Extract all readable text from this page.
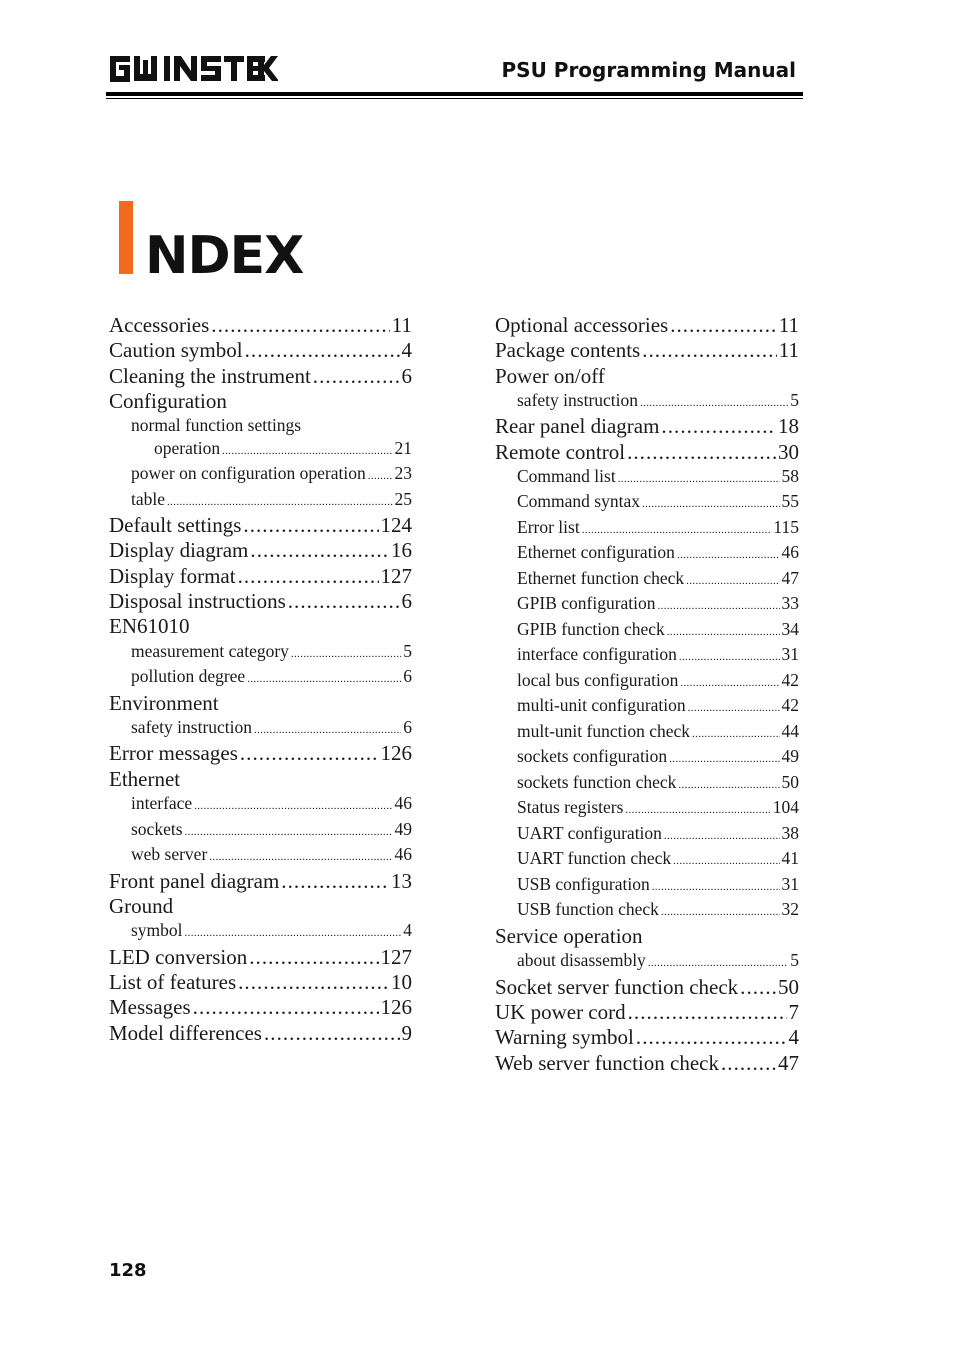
PSU Programming Manual
NDEX
Accessories . . .	11
Caution symbol . . .	4
Cleaning the instrument . . .	6
Configuration
normal function settings
operation . . .	21
power on configuration operation . . . 23
table . . .	25
Default settings . . .	124
Display diagram . . .	16
Display format . . .	127
Disposal instructions . . .	6
EN61010
measurement category . . .	5
pollution degree . . .	6
Environment
safety instruction . . .	6
Error messages . . .	126
Ethernet
interface . . .	46
sockets . . .	49
web server . . .	46
Front panel diagram . . .	13
Ground
symbol . . .	4
LED conversion . . .	127
List of features . . .	10
Messages . . .	126
Model differences . . .	9
Optional accessories . . .	11
Package contents . . .	11
Power on/off
safety instruction . . .	5
Rear panel diagram . . .	18
Remote control . . .	30
Command list . . .	58
Command syntax . . .	55
Error list . . .	115
Ethernet configuration . . .	46
Ethernet function check . . .	47
GPIB configuration . . .	33
GPIB function check . . .	34
interface configuration . . .	31
local bus configuration . . .	42
multi-unit configuration . . .	42
mult-unit function check . . .	44
sockets configuration . . .	49
sockets function check . . .	50
Status registers . . .	104
UART configuration . . .	38
UART function check . . .	41
USB configuration . . .	31
USB function check . . .	32
Service operation
about disassembly . . .	5
Socket server function check . . . 50
UK power cord . . .	7
Warning symbol . . .	4
Web server function check . . .	47
128
